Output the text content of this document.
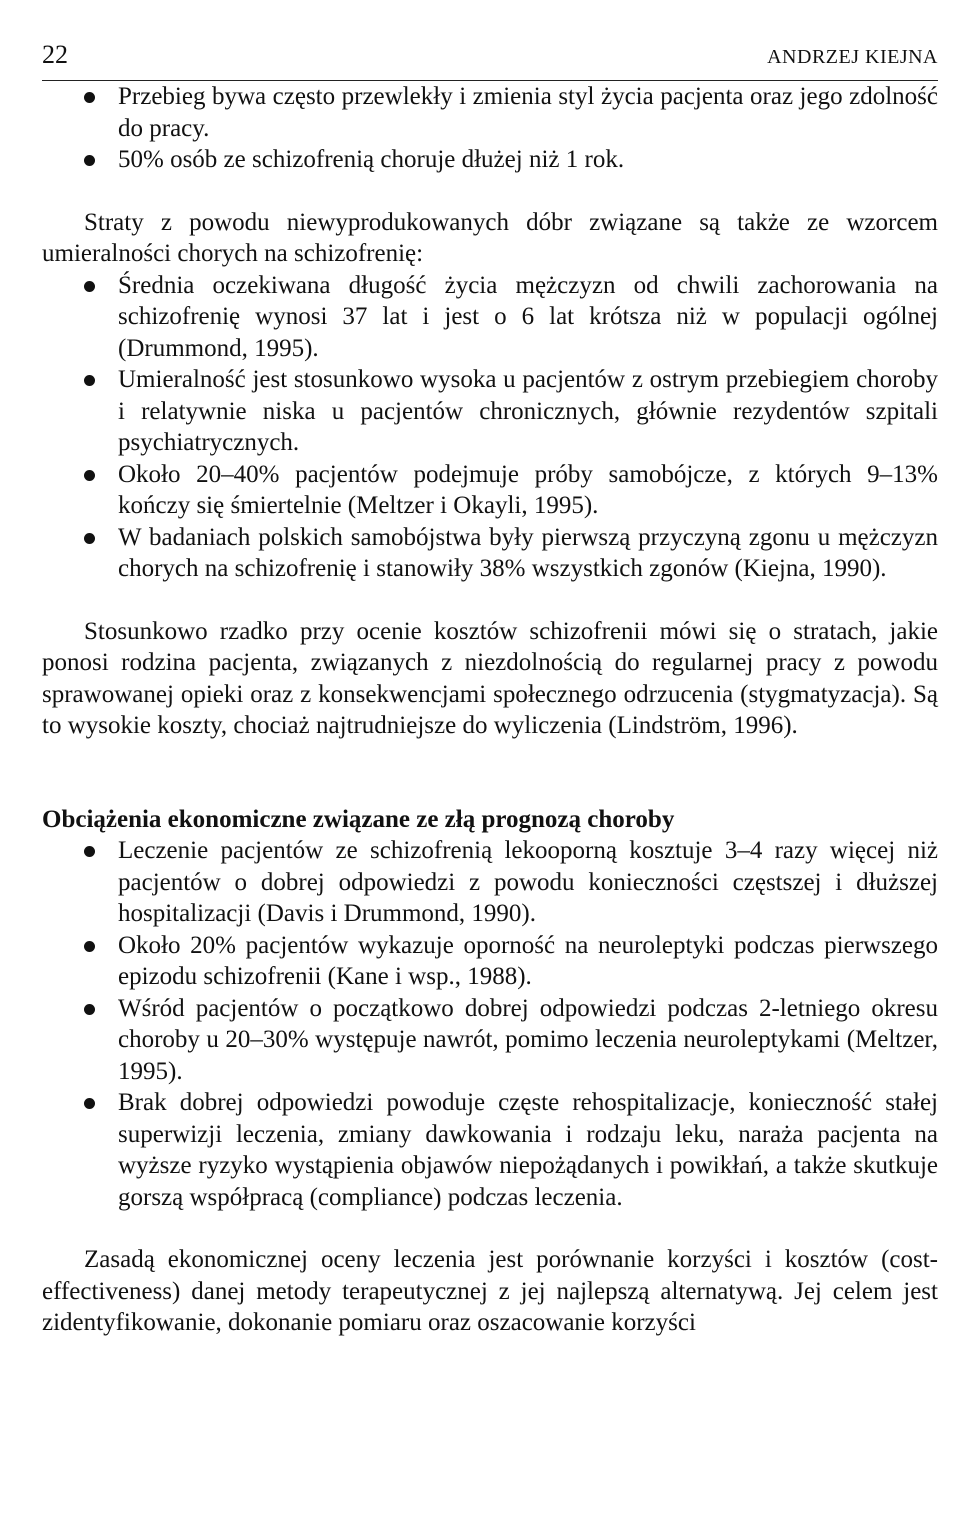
22	ANDRZEJ KIEJNA
Przebieg bywa często przewlekły i zmienia styl życia pacjenta oraz jego zdolność do pracy.
50% osób ze schizofrenią choruje dłużej niż 1 rok.

Straty z powodu niewyprodukowanych dóbr związane są także ze wzorcem umieralności chorych na schizofrenię:

Średnia oczekiwana długość życia mężczyzn od chwili zachorowania na schizofrenię wynosi 37 lat i jest o 6 lat krótsza niż w populacji ogólnej (Drummond, 1995).
Umieralność jest stosunkowo wysoka u pacjentów z ostrym przebiegiem choroby i relatywnie niska u pacjentów chronicznych, głównie rezydentów szpitali psychiatrycznych.
Około 20–40% pacjentów podejmuje próby samobójcze, z których 9–13% kończy się śmiertelnie (Meltzer i Okayli, 1995).
W badaniach polskich samobójstwa były pierwszą przyczyną zgonu u mężczyzn chorych na schizofrenię i stanowiły 38% wszystkich zgonów (Kiejna, 1990).

Stosunkowo rzadko przy ocenie kosztów schizofrenii mówi się o stratach, jakie ponosi rodzina pacjenta, związanych z niezdolnością do regularnej pracy z powodu sprawowanej opieki oraz z konsekwencjami społecznego odrzucenia (stygmatyzacja). Są to wysokie koszty, chociaż najtrudniejsze do wyliczenia (Lindström, 1996).

Obciążenia ekonomiczne związane ze złą prognozą choroby
Leczenie pacjentów ze schizofrenią lekooporną kosztuje 3–4 razy więcej niż pacjentów o dobrej odpowiedzi z powodu konieczności częstszej i dłuższej hospitalizacji (Davis i Drummond, 1990).
Około 20% pacjentów wykazuje oporność na neuroleptyki podczas pierwszego epizodu schizofrenii (Kane i wsp., 1988).
Wśród pacjentów o początkowo dobrej odpowiedzi podczas 2-letniego okresu choroby u 20–30% występuje nawrót, pomimo leczenia neuroleptykami (Meltzer, 1995).
Brak dobrej odpowiedzi powoduje częste rehospitalizacje, konieczność stałej superwizji leczenia, zmiany dawkowania i rodzaju leku, naraża pacjenta na wyższe ryzyko wystąpienia objawów niepożądanych i powikłań, a także skutkuje gorszą współpracą (compliance) podczas leczenia.

Zasadą ekonomicznej oceny leczenia jest porównanie korzyści i kosztów (cost-effectiveness) danej metody terapeutycznej z jej najlepszą alternatywą. Jej celem jest zidentyfikowanie, dokonanie pomiaru oraz oszacowanie korzyści
